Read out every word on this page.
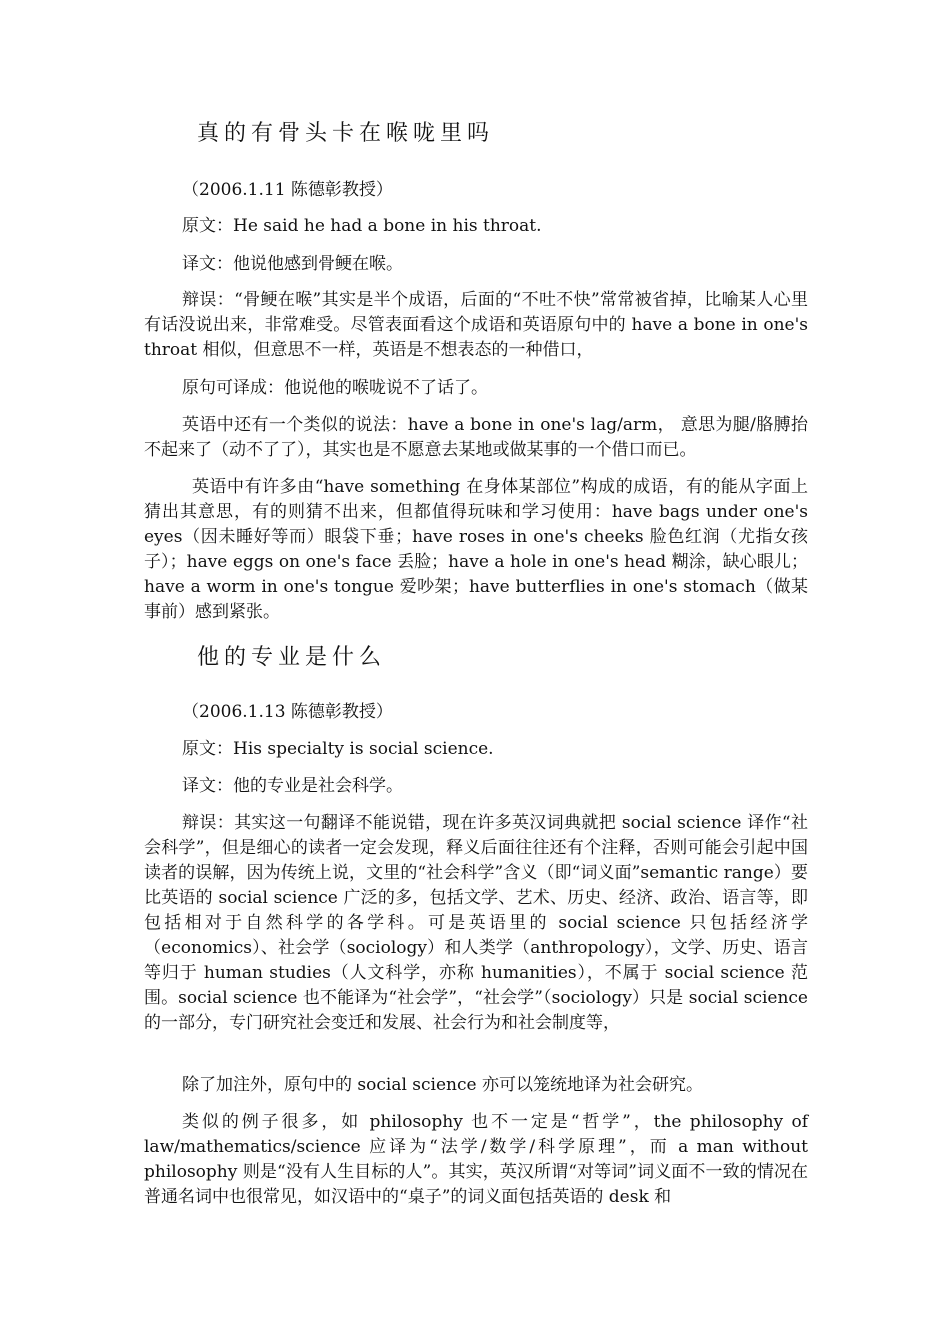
真的有骨头卡在喉咙里吗

（2006.1.11 陈德彰教授）

原文：He said he had a bone in his throat.

译文：他说他感到骨鲠在喉。

辩误：“骨鲠在喉”其实是半个成语，后面的“不吐不快”常常被省掉，比喻某人心里有话没说出来，非常难受。尽管表面看这个成语和英语原句中的 have a bone in one's throat 相似，但意思不一样，英语是不想表态的一种借口，

原句可译成：他说他的喉咙说不了话了。

英语中还有一个类似的说法：have a bone in one's lag/arm， 意思为腿/胳膊抬不起来了（动不了了），其实也是不愿意去某地或做某事的一个借口而已。

英语中有许多由“have something 在身体某部位”构成的成语，有的能从字面上猜出其意思，有的则猜不出来，但都值得玩味和学习使用：have bags under one's eyes（因未睡好等而）眼袋下垂；have roses in one's cheeks 脸色红润（尤指女孩子）；have eggs on one's face 丢脸；have a hole in one's head 糊涂，缺心眼儿；have a worm in one's tongue 爱吵架；have butterflies in one's stomach（做某事前）感到紧张。

他的专业是什么

（2006.1.13 陈德彰教授）

原文：His specialty is social science.

译文：他的专业是社会科学。

辩误：其实这一句翻译不能说错，现在许多英汉词典就把 social science 译作“社会科学”，但是细心的读者一定会发现，释义后面往往还有个注释，否则可能会引起中国读者的误解，因为传统上说，文里的“社会科学”含义（即“词义面”semantic range）要比英语的 social science 广泛的多，包括文学、艺术、历史、经济、政治、语言等，即包括相对于自然科学的各学科。可是英语里的 social science 只包括经济学（economics）、社会学（sociology）和人类学（anthropology），文学、历史、语言等归于 human studies（人文科学，亦称 humanities），不属于 social science 范围。social science 也不能译为“社会学”，“社会学”（sociology）只是 social science 的一部分，专门研究社会变迁和发展、社会行为和社会制度等，

除了加注外，原句中的 social science 亦可以笼统地译为社会研究。

类似的例子很多，如 philosophy 也不一定是“哲学”，the philosophy of law/mathematics/science 应译为“法学/数学/科学原理”，而 a man without philosophy 则是“没有人生目标的人”。其实，英汉所谓“对等词”词义面不一致的情况在普通名词中也很常见，如汉语中的“桌子”的词义面包括英语的 desk 和
